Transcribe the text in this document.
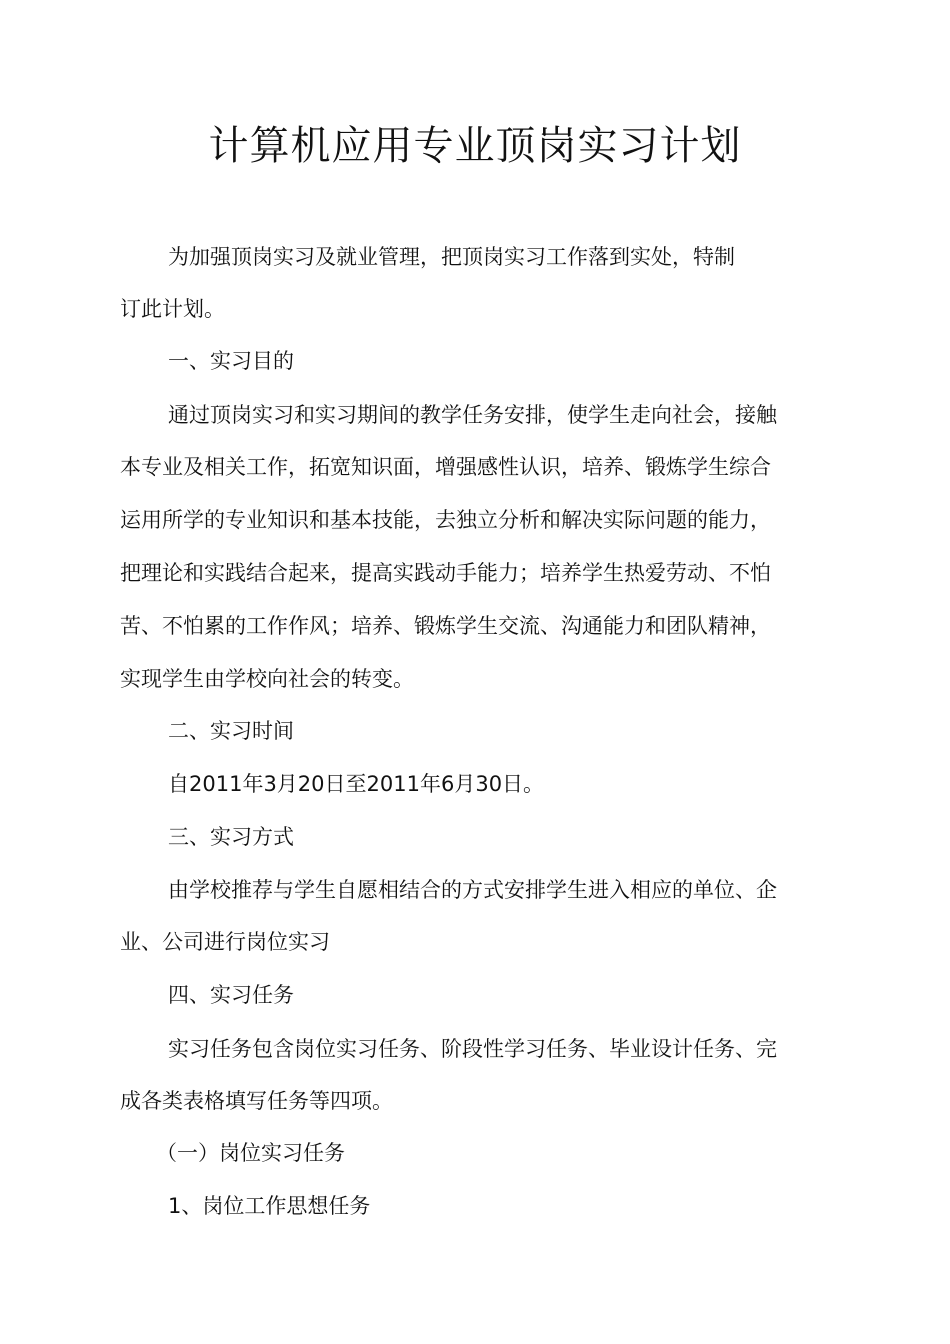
计算机应用专业顶岗实习计划

为加强顶岗实习及就业管理，把顶岗实习工作落到实处，特制

订此计划。

一、实习目的

通过顶岗实习和实习期间的教学任务安排，使学生走向社会，接触

本专业及相关工作，拓宽知识面，增强感性认识，培养、锻炼学生综合

运用所学的专业知识和基本技能，去独立分析和解决实际问题的能力，

把理论和实践结合起来，提高实践动手能力；培养学生热爱劳动、不怕

苦、不怕累的工作作风；培养、锻炼学生交流、沟通能力和团队精神，

实现学生由学校向社会的转变。

二、实习时间

自2011年3月20日至2011年6月30日。

三、实习方式

由学校推荐与学生自愿相结合的方式安排学生进入相应的单位、企

业、公司进行岗位实习

四、实习任务

实习任务包含岗位实习任务、阶段性学习任务、毕业设计任务、完

成各类表格填写任务等四项。

（一）岗位实习任务

1、岗位工作思想任务
